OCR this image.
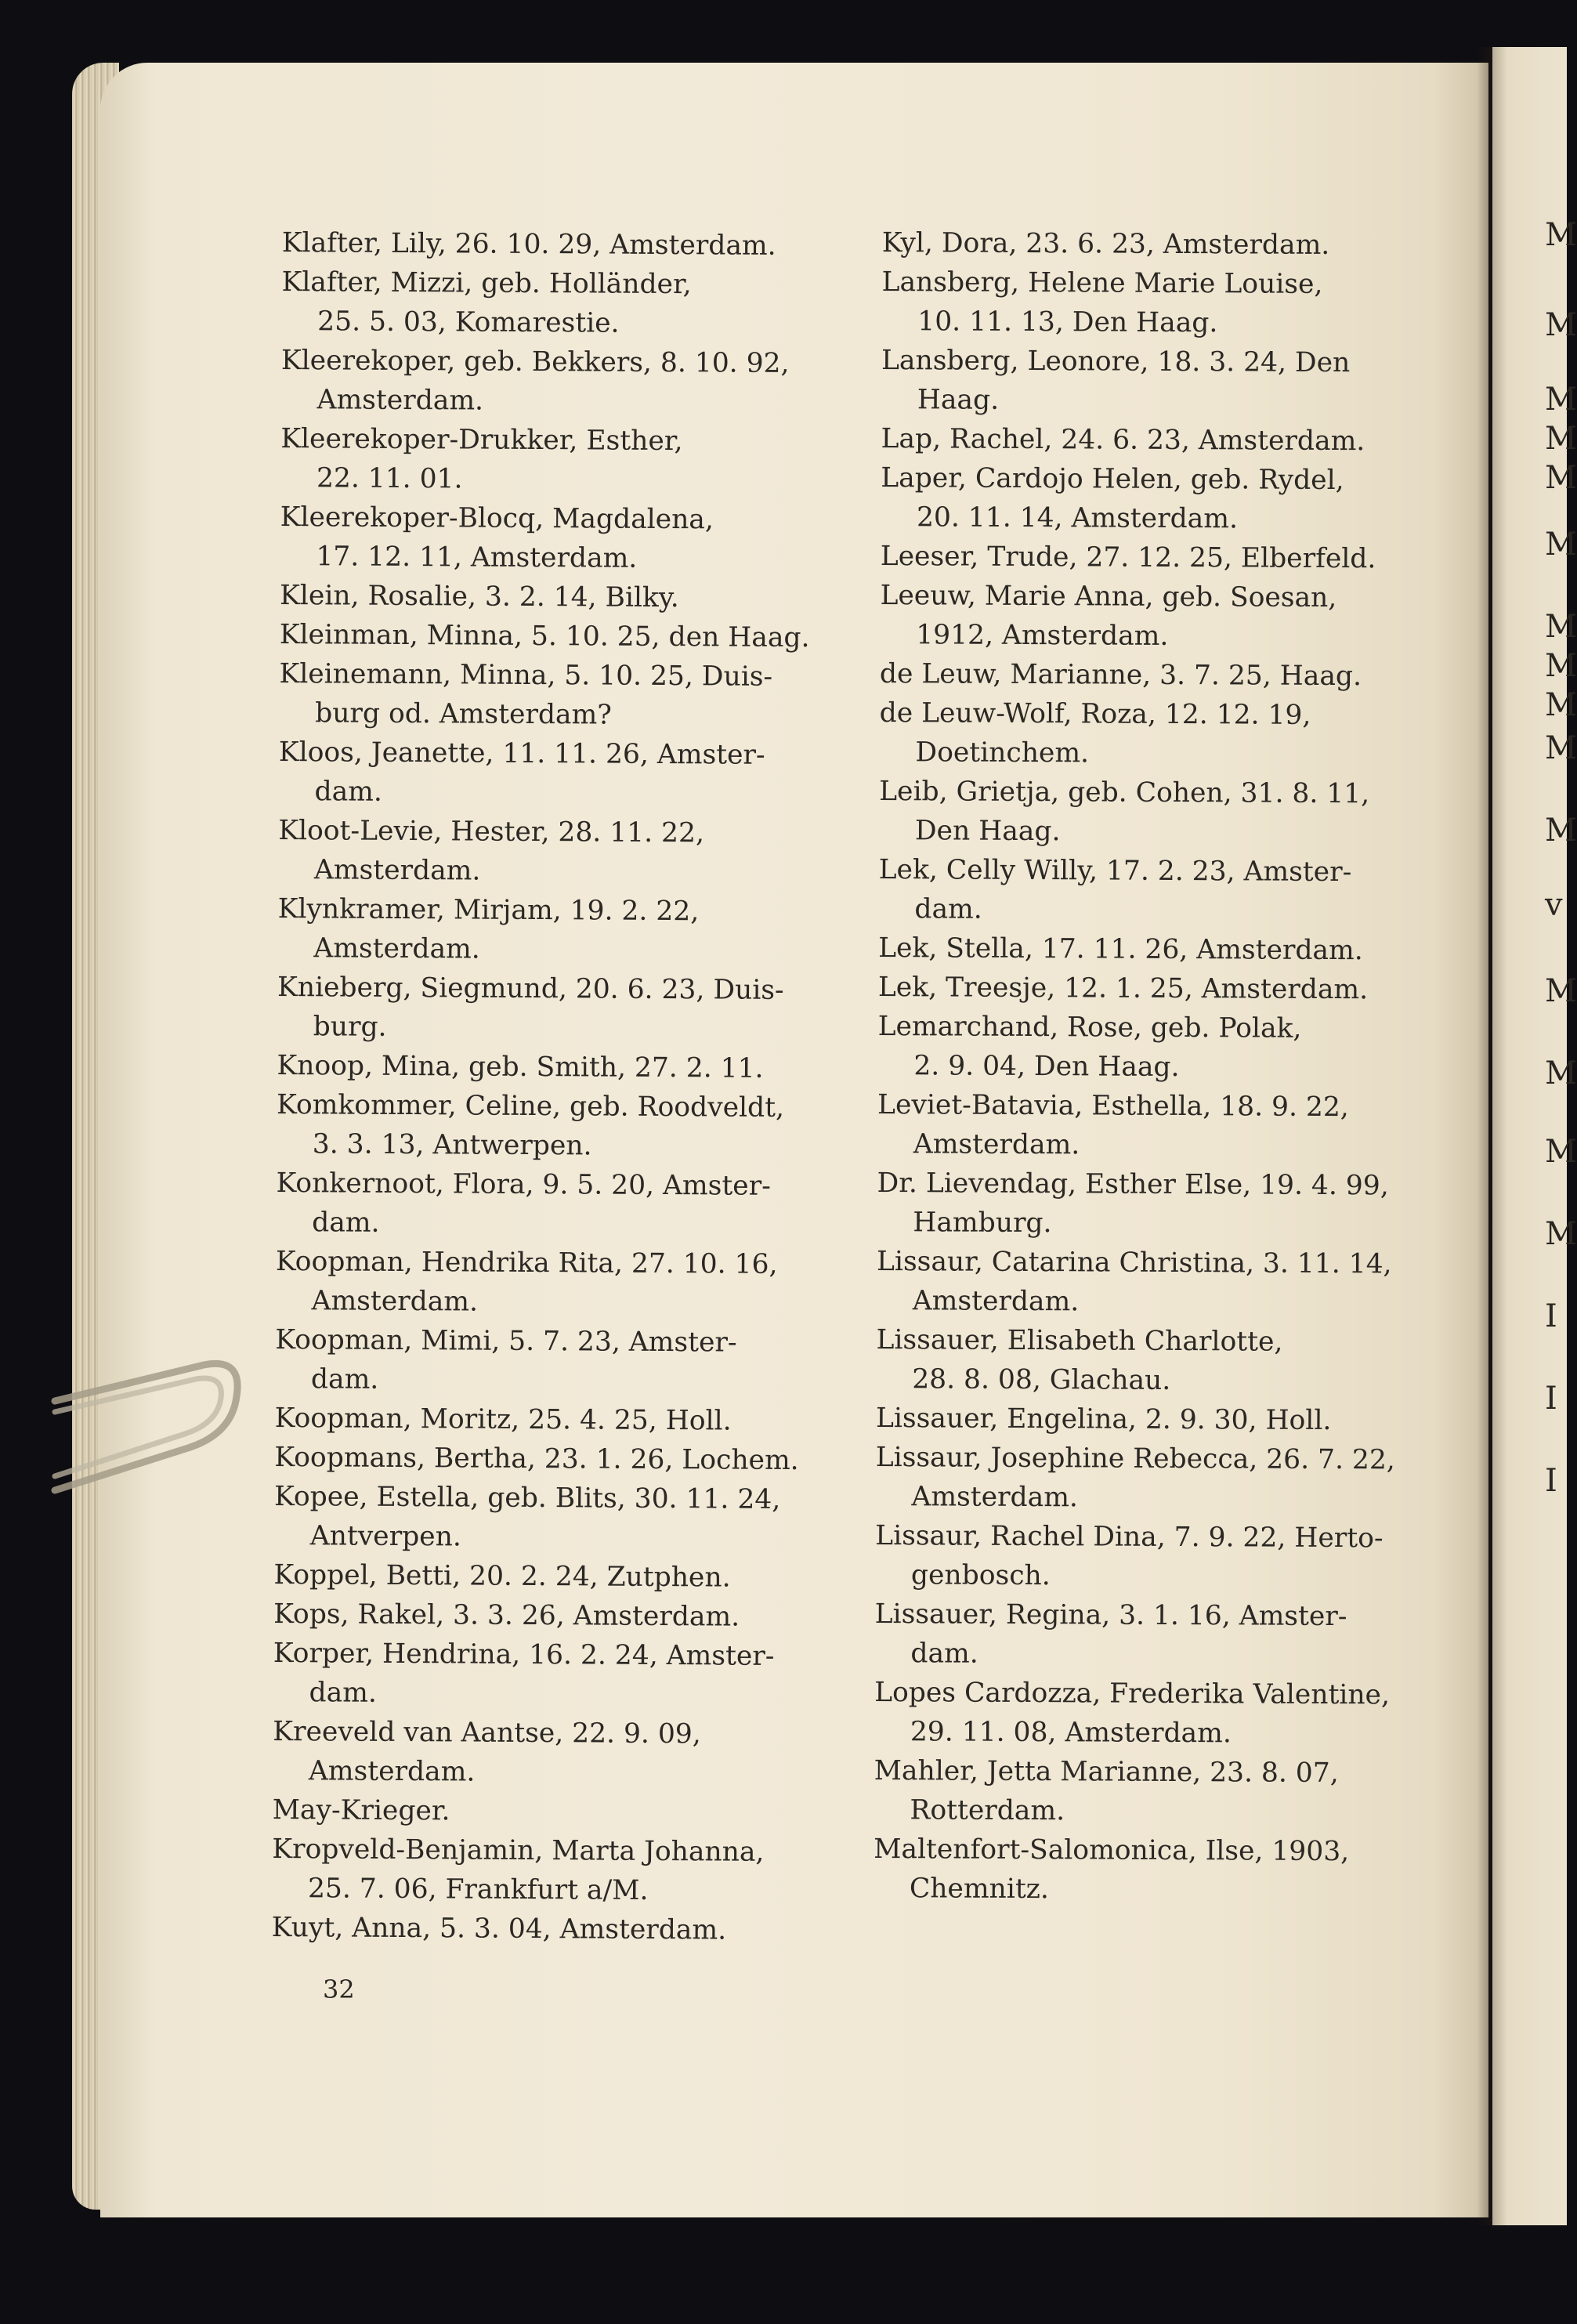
M
M
M
M
M
M
M
M
M
M
M
v
M
M
M
M
I
I
I
Klafter, Lily, 26. 10. 29, Amsterdam.
Klafter, Mizzi, geb. Holländer,
25. 5. 03, Komarestie.
Kleerekoper, geb. Bekkers, 8. 10. 92,
Amsterdam.
Kleerekoper-Drukker, Esther,
22. 11. 01.
Kleerekoper-Blocq, Magdalena,
17. 12. 11, Amsterdam.
Klein, Rosalie, 3. 2. 14, Bilky.
Kleinman, Minna, 5. 10. 25, den Haag.
Kleinemann, Minna, 5. 10. 25, Duis-
burg od. Amsterdam?
Kloos, Jeanette, 11. 11. 26, Amster-
dam.
Kloot-Levie, Hester, 28. 11. 22,
Amsterdam.
Klynkramer, Mirjam, 19. 2. 22,
Amsterdam.
Knieberg, Siegmund, 20. 6. 23, Duis-
burg.
Knoop, Mina, geb. Smith, 27. 2. 11.
Komkommer, Celine, geb. Roodveldt,
3. 3. 13, Antwerpen.
Konkernoot, Flora, 9. 5. 20, Amster-
dam.
Koopman, Hendrika Rita, 27. 10. 16,
Amsterdam.
Koopman, Mimi, 5. 7. 23, Amster-
dam.
Koopman, Moritz, 25. 4. 25, Holl.
Koopmans, Bertha, 23. 1. 26, Lochem.
Kopee, Estella, geb. Blits, 30. 11. 24,
Antverpen.
Koppel, Betti, 20. 2. 24, Zutphen.
Kops, Rakel, 3. 3. 26, Amsterdam.
Korper, Hendrina, 16. 2. 24, Amster-
dam.
Kreeveld van Aantse, 22. 9. 09,
Amsterdam.
May-Krieger.
Kropveld-Benjamin, Marta Johanna,
25. 7. 06, Frankfurt a/M.
Kuyt, Anna, 5. 3. 04, Amsterdam.
Kyl, Dora, 23. 6. 23, Amsterdam.
Lansberg, Helene Marie Louise,
10. 11. 13, Den Haag.
Lansberg, Leonore, 18. 3. 24, Den
Haag.
Lap, Rachel, 24. 6. 23, Amsterdam.
Laper, Cardojo Helen, geb. Rydel,
20. 11. 14, Amsterdam.
Leeser, Trude, 27. 12. 25, Elberfeld.
Leeuw, Marie Anna, geb. Soesan,
1912, Amsterdam.
de Leuw, Marianne, 3. 7. 25, Haag.
de Leuw-Wolf, Roza, 12. 12. 19,
Doetinchem.
Leib, Grietja, geb. Cohen, 31. 8. 11,
Den Haag.
Lek, Celly Willy, 17. 2. 23, Amster-
dam.
Lek, Stella, 17. 11. 26, Amsterdam.
Lek, Treesje, 12. 1. 25, Amsterdam.
Lemarchand, Rose, geb. Polak,
2. 9. 04, Den Haag.
Leviet-Batavia, Esthella, 18. 9. 22,
Amsterdam.
Dr. Lievendag, Esther Else, 19. 4. 99,
Hamburg.
Lissaur, Catarina Christina, 3. 11. 14,
Amsterdam.
Lissauer, Elisabeth Charlotte,
28. 8. 08, Glachau.
Lissauer, Engelina, 2. 9. 30, Holl.
Lissaur, Josephine Rebecca, 26. 7. 22,
Amsterdam.
Lissaur, Rachel Dina, 7. 9. 22, Herto-
genbosch.
Lissauer, Regina, 3. 1. 16, Amster-
dam.
Lopes Cardozza, Frederika Valentine,
29. 11. 08, Amsterdam.
Mahler, Jetta Marianne, 23. 8. 07,
Rotterdam.
Maltenfort-Salomonica, Ilse, 1903,
Chemnitz.
32
